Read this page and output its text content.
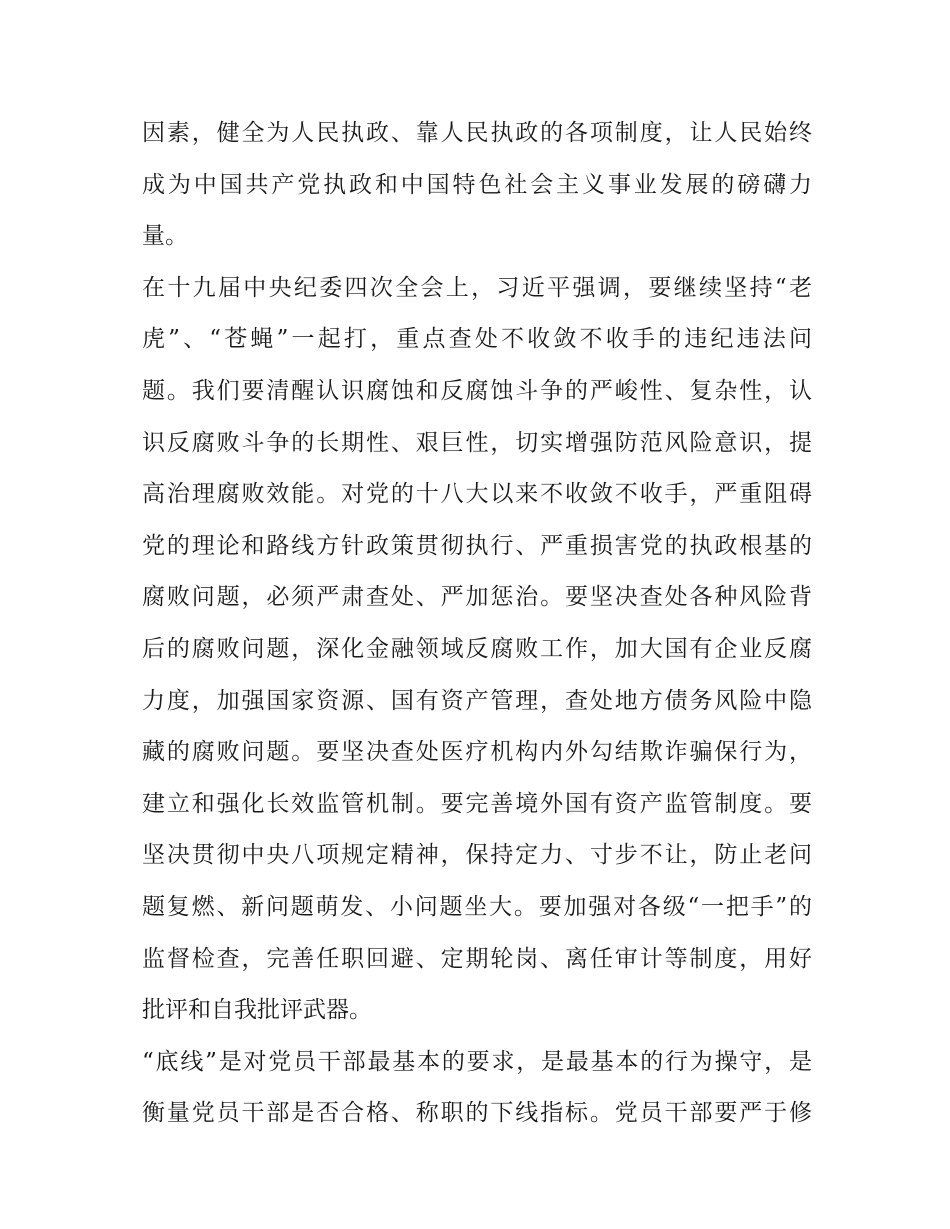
因素，健全为人民执政、靠人民执政的各项制度，让人民始终
成为中国共产党执政和中国特色社会主义事业发展的磅礴力
量。
在十九届中央纪委四次全会上，习近平强调，要继续坚持“老
虎”、“苍蝇”一起打，重点查处不收敛不收手的违纪违法问
题。我们要清醒认识腐蚀和反腐蚀斗争的严峻性、复杂性，认
识反腐败斗争的长期性、艰巨性，切实增强防范风险意识，提
高治理腐败效能。对党的十八大以来不收敛不收手，严重阻碍
党的理论和路线方针政策贯彻执行、严重损害党的执政根基的
腐败问题，必须严肃查处、严加惩治。要坚决查处各种风险背
后的腐败问题，深化金融领域反腐败工作，加大国有企业反腐
力度，加强国家资源、国有资产管理，查处地方债务风险中隐
藏的腐败问题。要坚决查处医疗机构内外勾结欺诈骗保行为，
建立和强化长效监管机制。要完善境外国有资产监管制度。要
坚决贯彻中央八项规定精神，保持定力、寸步不让，防止老问
题复燃、新问题萌发、小问题坐大。要加强对各级“一把手”的
监督检查，完善任职回避、定期轮岗、离任审计等制度，用好
批评和自我批评武器。
“底线”是对党员干部最基本的要求，是最基本的行为操守，是
衡量党员干部是否合格、称职的下线指标。党员干部要严于修
